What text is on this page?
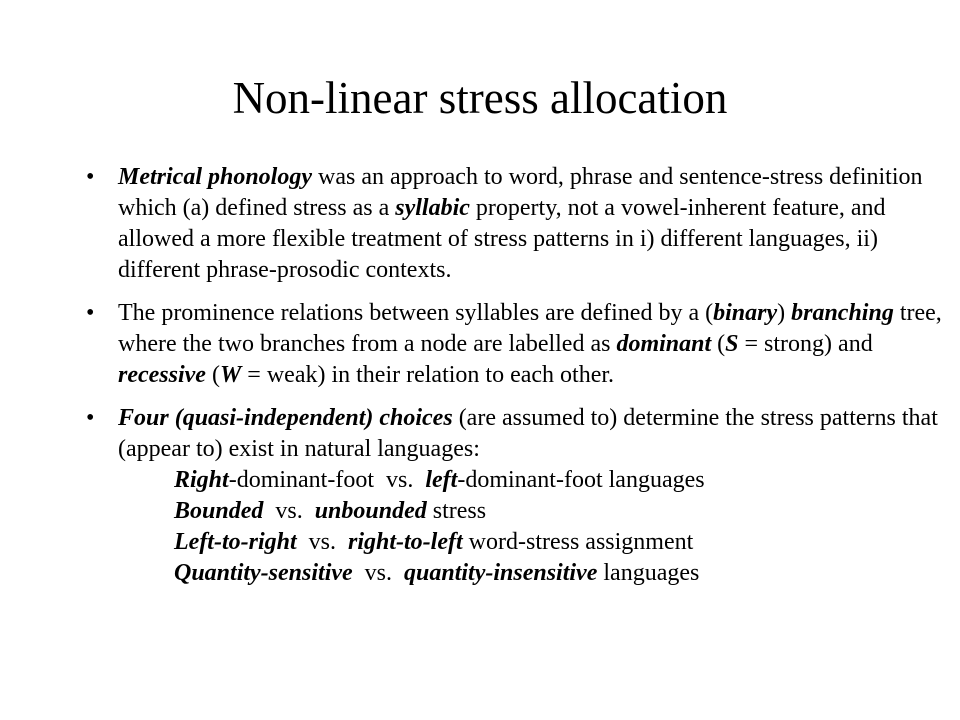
Non-linear stress allocation
• Metrical phonology was an approach to word, phrase and sentence-stress definition which (a) defined stress as a syllabic property, not a vowel-inherent feature, and allowed a more flexible treatment of stress patterns in i) different languages, ii) different phrase-prosodic contexts.
• The prominence relations between syllables are defined by a (binary) branching tree, where the two branches from a node are labelled as dominant (S = strong) and recessive (W = weak) in their relation to each other.
• Four (quasi-independent) choices (are assumed to) determine the stress patterns that (appear to) exist in natural languages:
Right-dominant-foot  vs.  left-dominant-foot languages
Bounded  vs.  unbounded stress
Left-to-right  vs.  right-to-left word-stress assignment
Quantity-sensitive  vs.  quantity-insensitive languages
